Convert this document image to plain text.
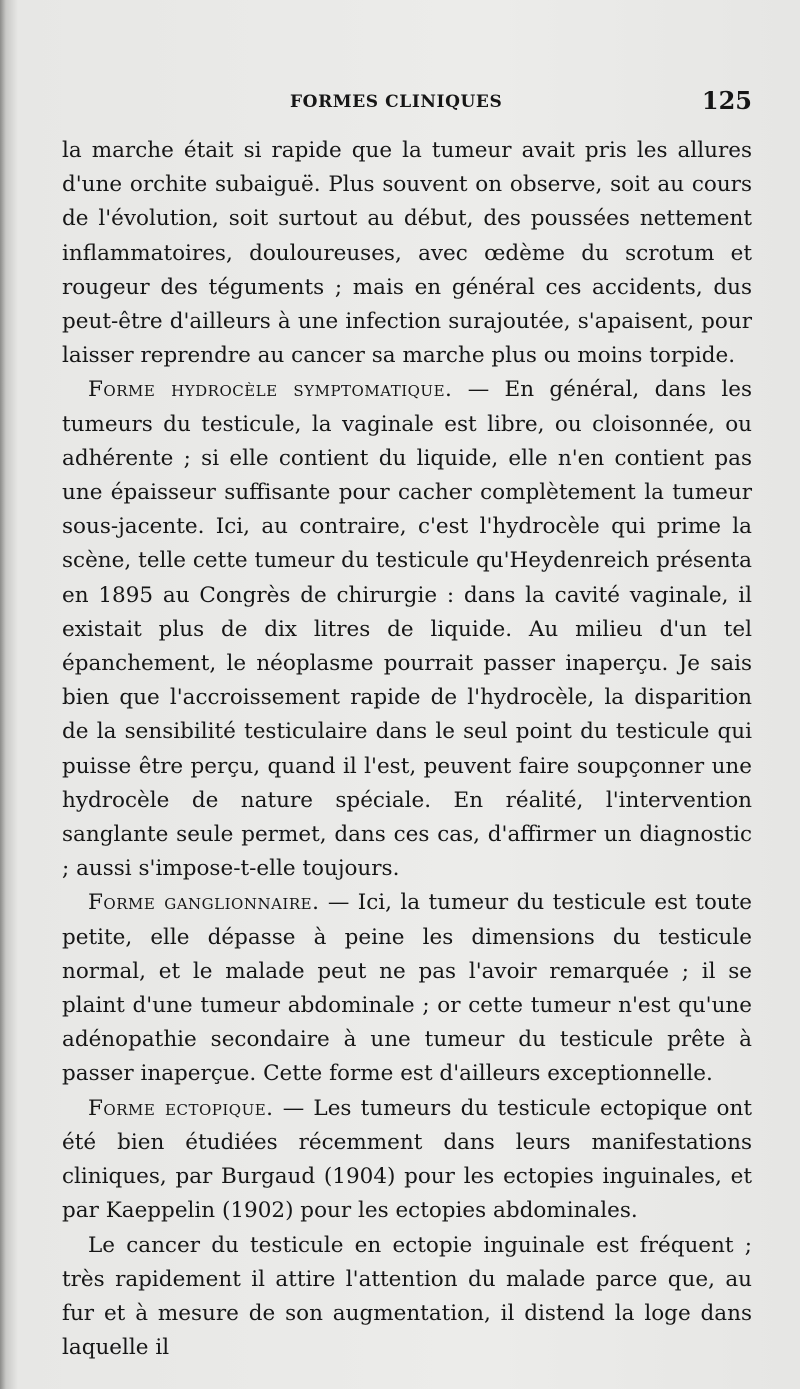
FORMES CLINIQUES	125

la marche était si rapide que la tumeur avait pris les allures d'une orchite subaiguë. Plus souvent on observe, soit au cours de l'évolution, soit surtout au début, des poussées nettement inflammatoires, douloureuses, avec œdème du scrotum et rougeur des téguments ; mais en général ces accidents, dus peut-être d'ailleurs à une infection surajoutée, s'apaisent, pour laisser reprendre au cancer sa marche plus ou moins torpide.

Forme hydrocèle symptomatique. — En général, dans les tumeurs du testicule, la vaginale est libre, ou cloisonnée, ou adhérente ; si elle contient du liquide, elle n'en contient pas une épaisseur suffisante pour cacher complètement la tumeur sous-jacente. Ici, au contraire, c'est l'hydrocèle qui prime la scène, telle cette tumeur du testicule qu'Heydenreich présenta en 1895 au Congrès de chirurgie : dans la cavité vaginale, il existait plus de dix litres de liquide. Au milieu d'un tel épanchement, le néoplasme pourrait passer inaperçu. Je sais bien que l'accroissement rapide de l'hydrocèle, la disparition de la sensibilité testiculaire dans le seul point du testicule qui puisse être perçu, quand il l'est, peuvent faire soupçonner une hydrocèle de nature spéciale. En réalité, l'intervention sanglante seule permet, dans ces cas, d'affirmer un diagnostic ; aussi s'impose-t-elle toujours.

Forme ganglionnaire. — Ici, la tumeur du testicule est toute petite, elle dépasse à peine les dimensions du testicule normal, et le malade peut ne pas l'avoir remarquée ; il se plaint d'une tumeur abdominale ; or cette tumeur n'est qu'une adénopathie secondaire à une tumeur du testicule prête à passer inaperçue. Cette forme est d'ailleurs exceptionnelle.

Forme ectopique. — Les tumeurs du testicule ectopique ont été bien étudiées récemment dans leurs manifestations cliniques, par Burgaud (1904) pour les ectopies inguinales, et par Kaeppelin (1902) pour les ectopies abdominales.

Le cancer du testicule en ectopie inguinale est fréquent ; très rapidement il attire l'attention du malade parce que, au fur et à mesure de son augmentation, il distend la loge dans laquelle il
